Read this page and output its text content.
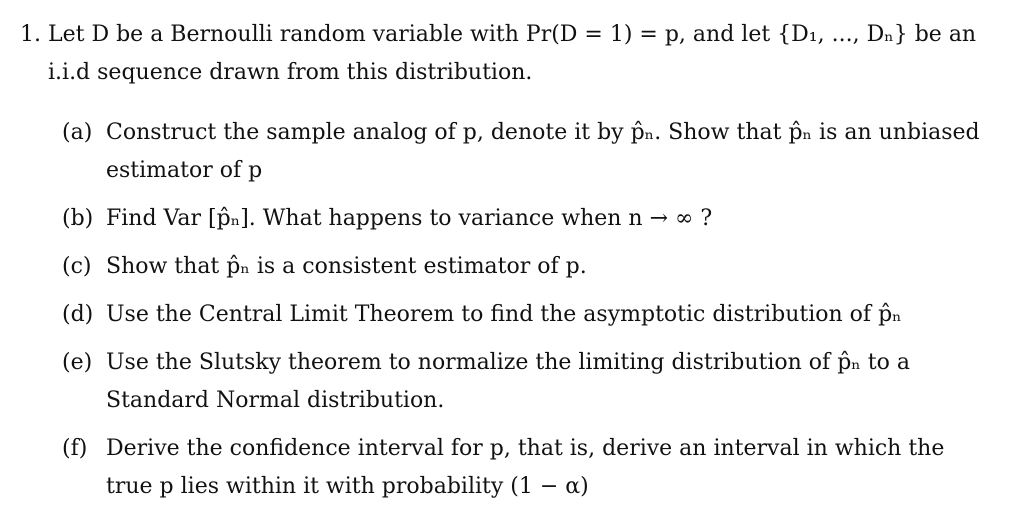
1. Let D be a Bernoulli random variable with Pr(D = 1) = p, and let {D₁, ..., Dₙ} be an i.i.d sequence drawn from this distribution.
(a) Construct the sample analog of p, denote it by p̂ₙ. Show that p̂ₙ is an unbiased estimator of p
(b) Find Var [p̂ₙ]. What happens to variance when n → ∞ ?
(c) Show that p̂ₙ is a consistent estimator of p.
(d) Use the Central Limit Theorem to find the asymptotic distribution of p̂ₙ
(e) Use the Slutsky theorem to normalize the limiting distribution of p̂ₙ to a Standard Normal distribution.
(f) Derive the confidence interval for p, that is, derive an interval in which the true p lies within it with probability (1 − α)
